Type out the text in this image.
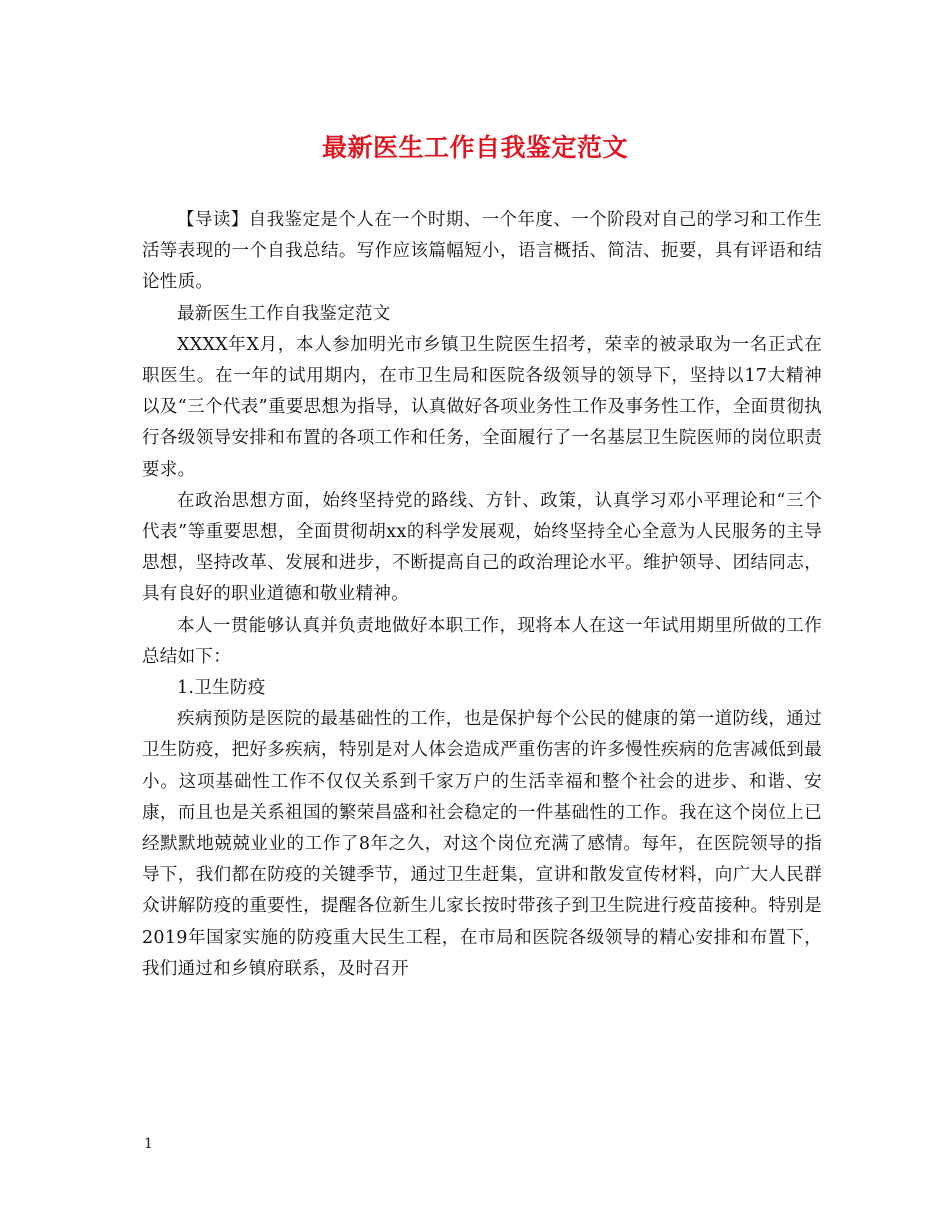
最新医生工作自我鉴定范文

【导读】自我鉴定是个人在一个时期、一个年度、一个阶段对自己的学习和工作生活等表现的一个自我总结。写作应该篇幅短小，语言概括、简洁、扼要，具有评语和结论性质。

最新医生工作自我鉴定范文

XXXX年X月，本人参加明光市乡镇卫生院医生招考，荣幸的被录取为一名正式在职医生。在一年的试用期内，在市卫生局和医院各级领导的领导下，坚持以17大精神以及“三个代表”重要思想为指导，认真做好各项业务性工作及事务性工作，全面贯彻执行各级领导安排和布置的各项工作和任务，全面履行了一名基层卫生院医师的岗位职责要求。

在政治思想方面，始终坚持党的路线、方针、政策，认真学习邓小平理论和“三个代表”等重要思想，全面贯彻胡xx的科学发展观，始终坚持全心全意为人民服务的主导思想，坚持改革、发展和进步，不断提高自己的政治理论水平。维护领导、团结同志，具有良好的职业道德和敬业精神。

本人一贯能够认真并负责地做好本职工作，现将本人在这一年试用期里所做的工作总结如下：

1.卫生防疫

疾病预防是医院的最基础性的工作，也是保护每个公民的健康的第一道防线，通过卫生防疫，把好多疾病，特别是对人体会造成严重伤害的许多慢性疾病的危害减低到最小。这项基础性工作不仅仅关系到千家万户的生活幸福和整个社会的进步、和谐、安康，而且也是关系祖国的繁荣昌盛和社会稳定的一件基础性的工作。我在这个岗位上已经默默地兢兢业业的工作了8年之久，对这个岗位充满了感情。每年，在医院领导的指导下，我们都在防疫的关键季节，通过卫生赶集，宣讲和散发宣传材料，向广大人民群众讲解防疫的重要性，提醒各位新生儿家长按时带孩子到卫生院进行疫苗接种。特别是2019年国家实施的防疫重大民生工程，在市局和医院各级领导的精心安排和布置下，我们通过和乡镇府联系，及时召开

1
